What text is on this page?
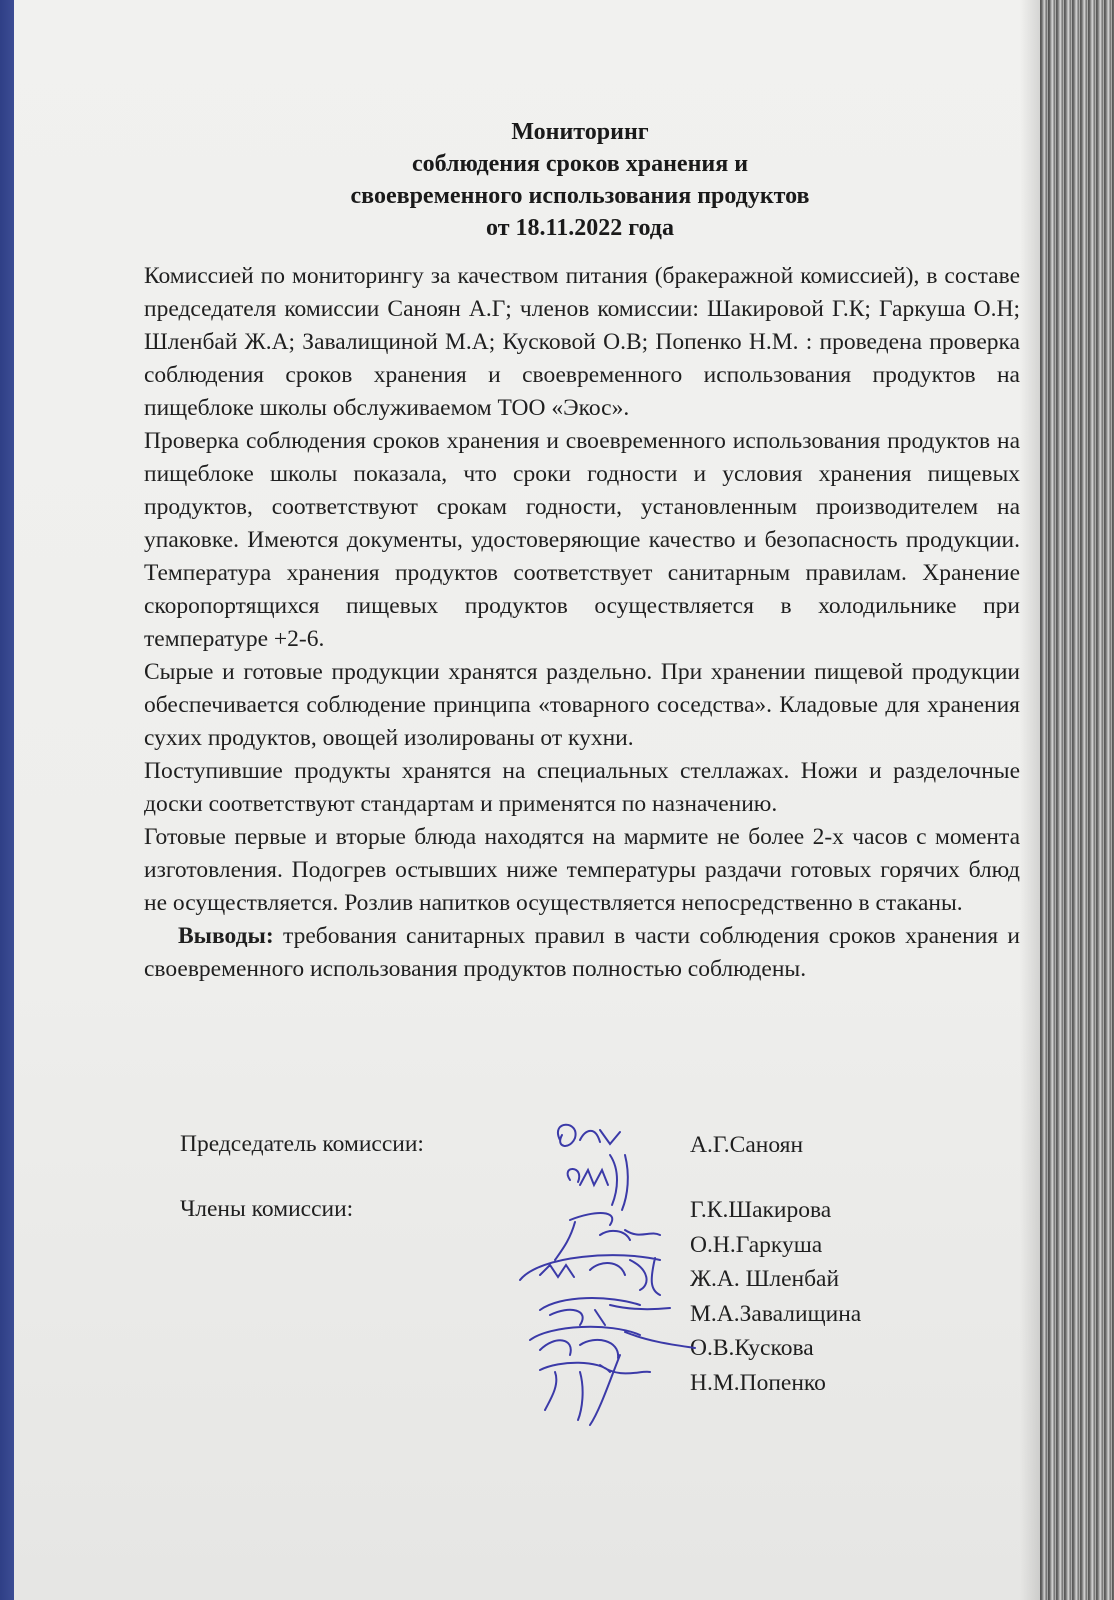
Мониторинг
соблюдения сроков хранения и
своевременного использования продуктов
от 18.11.2022 года

Комиссией по мониторингу за качеством питания (бракеражной комиссией), в составе председателя комиссии Саноян А.Г; членов комиссии: Шакировой Г.К; Гаркуша О.Н; Шленбай Ж.А; Завалищиной М.А; Кусковой О.В; Попенко Н.М. : проведена проверка соблюдения сроков хранения и своевременного использования продуктов на пищеблоке школы обслуживаемом ТОО «Экос».

Проверка соблюдения сроков хранения и своевременного использования продуктов на пищеблоке школы показала, что сроки годности и условия хранения пищевых продуктов, соответствуют срокам годности, установленным производителем на упаковке. Имеются документы, удостоверяющие качество и безопасность продукции. Температура хранения продуктов соответствует санитарным правилам. Хранение скоропортящихся пищевых продуктов осуществляется в холодильнике при температуре +2-6.

Сырые и готовые продукции хранятся раздельно. При хранении пищевой продукции обеспечивается соблюдение принципа «товарного соседства». Кладовые для хранения сухих продуктов, овощей изолированы от кухни.

Поступившие продукты хранятся на специальных стеллажах. Ножи и разделочные доски соответствуют стандартам и применятся по назначению.

Готовые первые и вторые блюда находятся на мармите не более 2-х часов с момента изготовления. Подогрев остывших ниже температуры раздачи готовых горячих блюд не осуществляется. Розлив напитков осуществляется непосредственно в стаканы.

Выводы: требования санитарных правил в части соблюдения сроков хранения и своевременного использования продуктов полностью соблюдены.

Председатель комиссии:
Члены комиссии:
А.Г.Саноян
Г.К.Шакирова
О.Н.Гаркуша
Ж.А. Шленбай
М.А.Завалищина
О.В.Кускова
Н.М.Попенко
